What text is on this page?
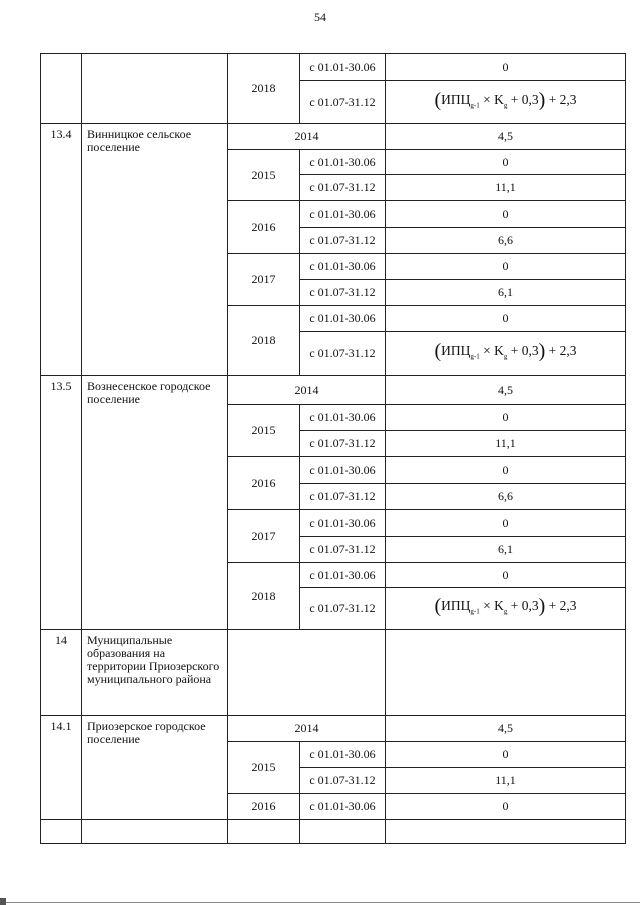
54
		2018	с 01.01-30.06	0
			с 01.07-31.12	$(ИПЦ_{g-1} \times K_g + 0,3) + 2,3$
13.4	Винницкое сельское поселение	2014		4,5
		2015	с 01.01-30.06	0
			с 01.07-31.12	11,1
		2016	с 01.01-30.06	0
			с 01.07-31.12	6,6
		2017	с 01.01-30.06	0
			с 01.07-31.12	6,1
		2018	с 01.01-30.06	0
			с 01.07-31.12	$(ИПЦ_{g-1} \times K_g + 0,3) + 2,3$
13.5	Вознесенское городское поселение	2014		4,5
		2015	с 01.01-30.06	0
			с 01.07-31.12	11,1
		2016	с 01.01-30.06	0
			с 01.07-31.12	6,6
		2017	с 01.01-30.06	0
			с 01.07-31.12	6,1
		2018	с 01.01-30.06	0
			с 01.07-31.12	$(ИПЦ_{g-1} \times K_g + 0,3) + 2,3$
14	Муниципальные образования на территории Приозерского муниципального района			
14.1	Приозерское городское поселение	2014		4,5
		2015	с 01.01-30.06	0
			с 01.07-31.12	11,1
		2016	с 01.01-30.06	0
